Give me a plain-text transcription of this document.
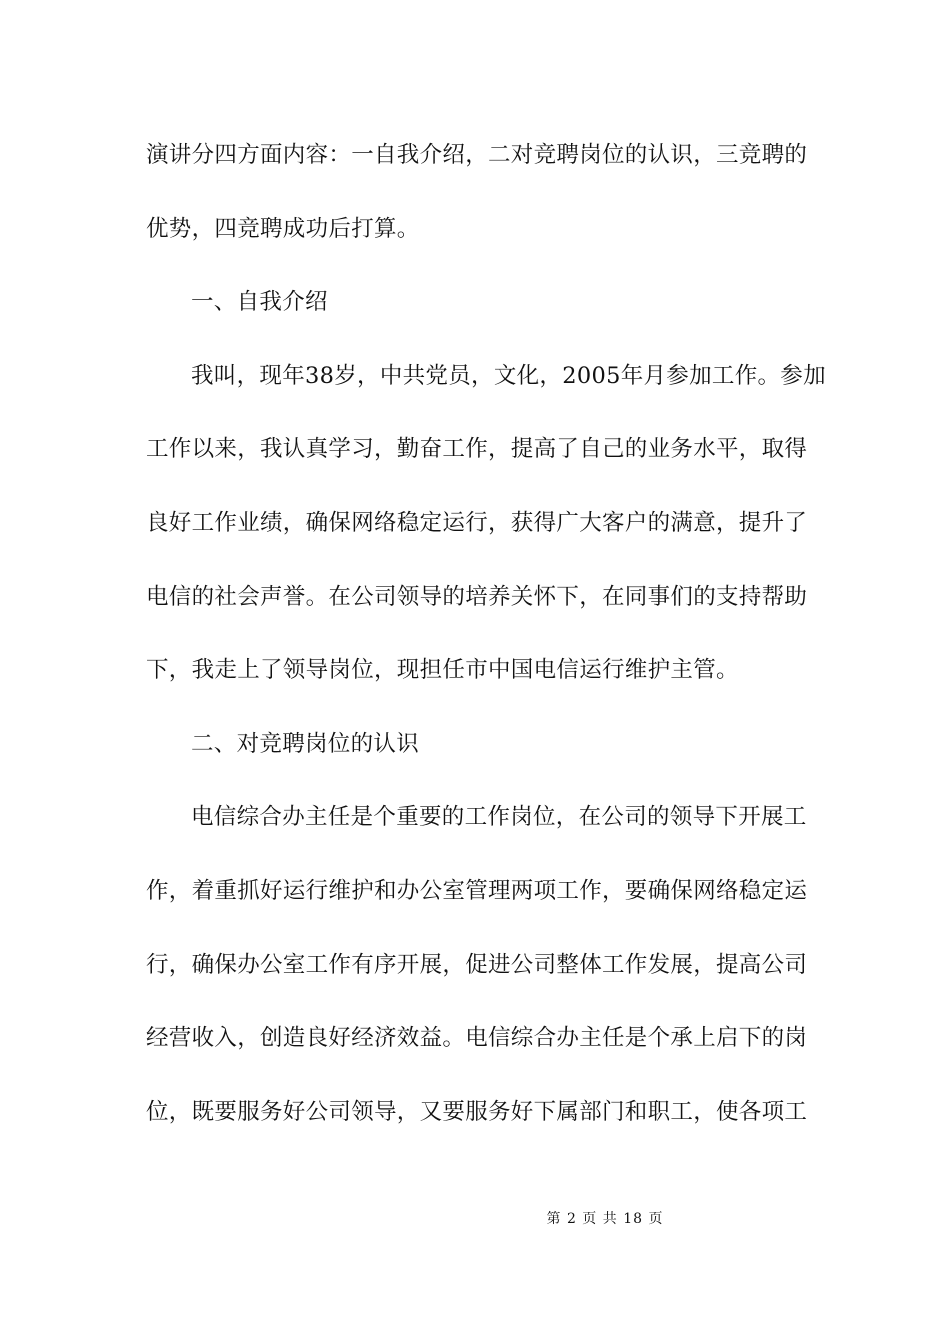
演讲分四方面内容：一自我介绍，二对竞聘岗位的认识，三竞聘的
优势，四竞聘成功后打算。
一、自我介绍
我叫，现年38岁，中共党员，文化，2005年月参加工作。参加
工作以来，我认真学习，勤奋工作，提高了自己的业务水平，取得
良好工作业绩，确保网络稳定运行，获得广大客户的满意，提升了
电信的社会声誉。在公司领导的培养关怀下，在同事们的支持帮助
下，我走上了领导岗位，现担任市中国电信运行维护主管。
二、对竞聘岗位的认识
电信综合办主任是个重要的工作岗位，在公司的领导下开展工
作，着重抓好运行维护和办公室管理两项工作，要确保网络稳定运
行，确保办公室工作有序开展，促进公司整体工作发展，提高公司
经营收入，创造良好经济效益。电信综合办主任是个承上启下的岗
位，既要服务好公司领导，又要服务好下属部门和职工，使各项工
第 2 页 共 18 页
